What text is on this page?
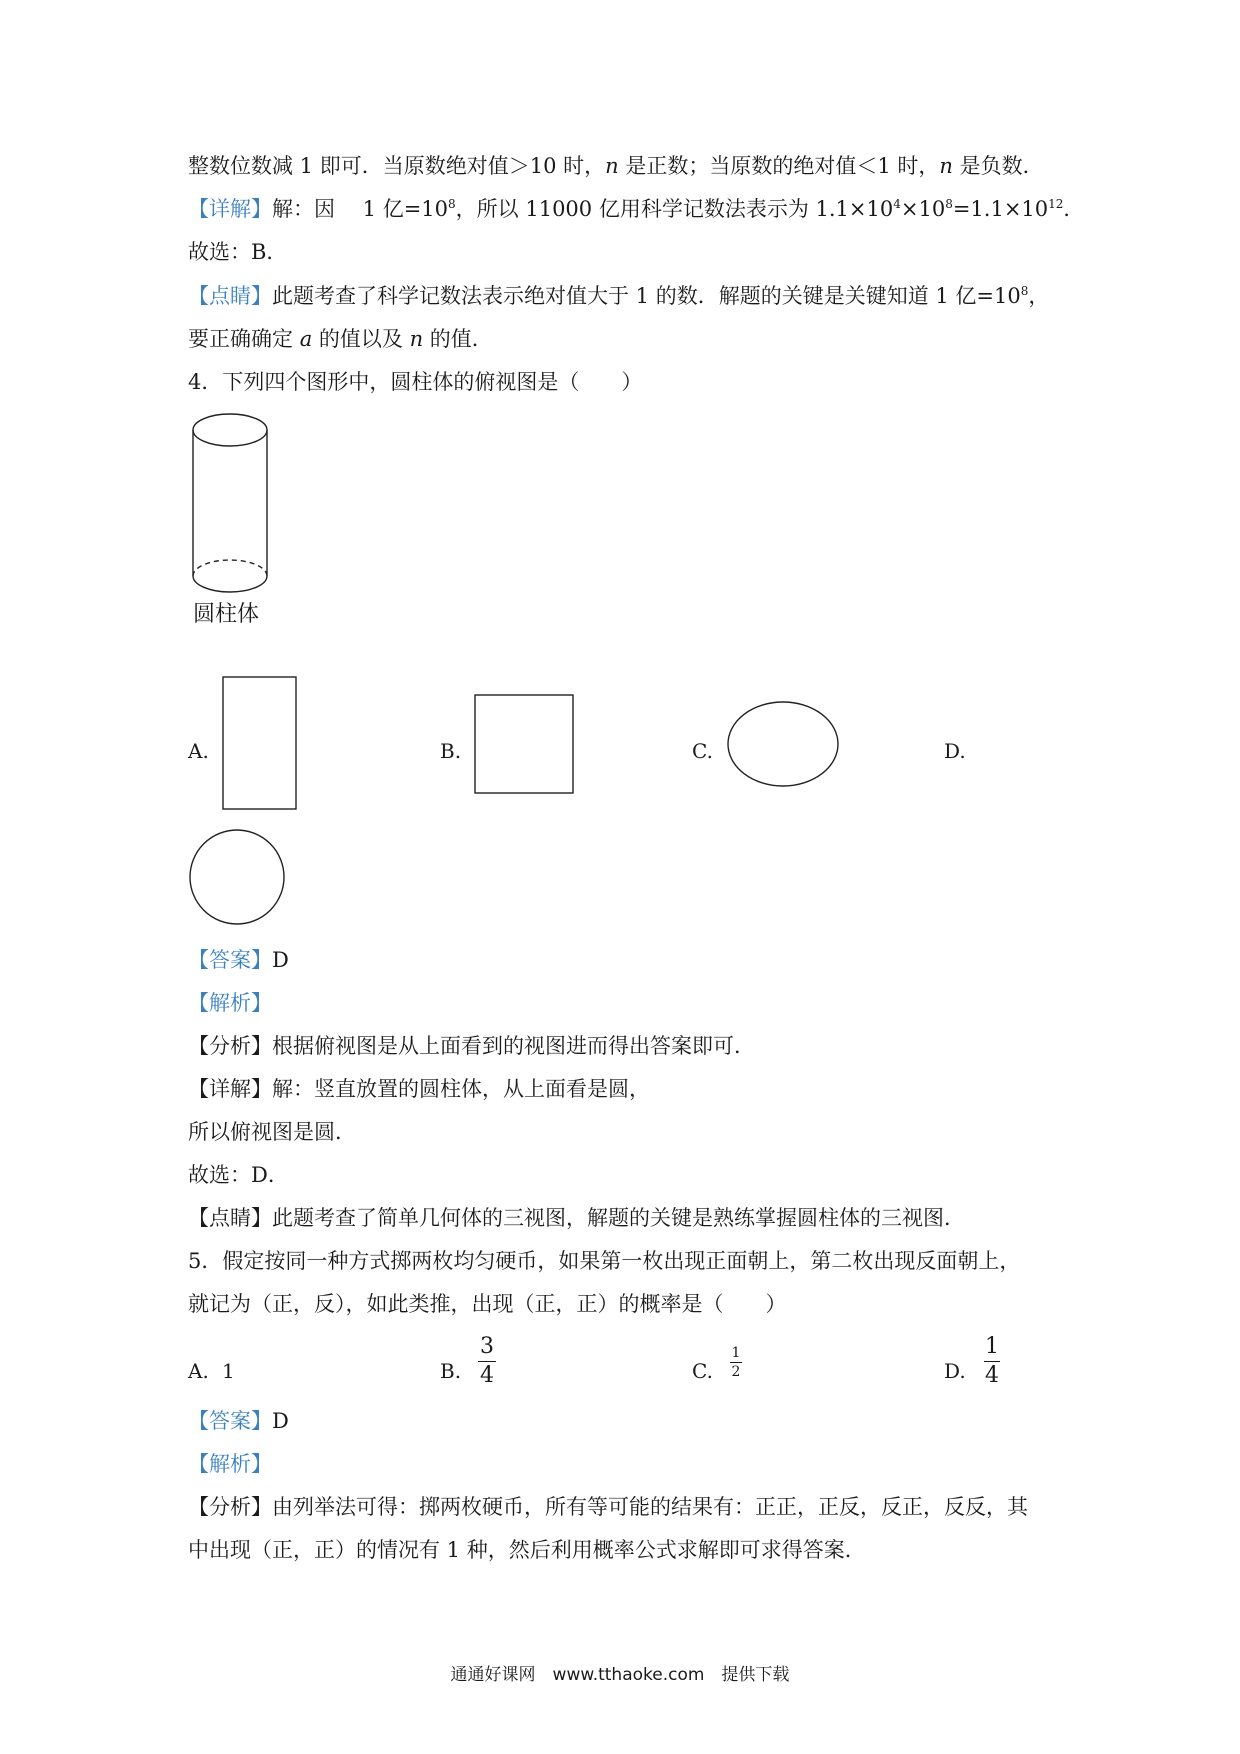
整数位数减 1 即可．当原数绝对值＞10 时，n 是正数；当原数的绝对值＜1 时，n 是负数．
【详解】解：因　 1 亿$=10^8$，所以 11000 亿用科学记数法表示为 $1.1\times 10^4\times 10^8=1.1\times 10^{12}$．
故选：B．
【点睛】此题考查了科学记数法表示绝对值大于 1 的数．解题的关键是关键知道 1 亿$=10^8$，
要正确确定 a 的值以及 n 的值．
4．下列四个图形中，圆柱体的俯视图是（　　）
圆柱体
A.	B.	C.	D.
【答案】D
【解析】
【分析】根据俯视图是从上面看到的视图进而得出答案即可．
【详解】解：竖直放置的圆柱体，从上面看是圆，
所以俯视图是圆．
故选：D．
【点睛】此题考查了简单几何体的三视图，解题的关键是熟练掌握圆柱体的三视图．
5．假定按同一种方式掷两枚均匀硬币，如果第一枚出现正面朝上，第二枚出现反面朝上，
就记为（正，反），如此类推，出现（正，正）的概率是（　　）
A. 1	B.
3
4	C.
1
2	D.
1
4
【答案】D
【解析】
【分析】由列举法可得：掷两枚硬币，所有等可能的结果有：正正，正反，反正，反反，其
中出现（正，正）的情况有 1 种，然后利用概率公式求解即可求得答案．
通通好课网　www.tthaoke.com　提供下载
